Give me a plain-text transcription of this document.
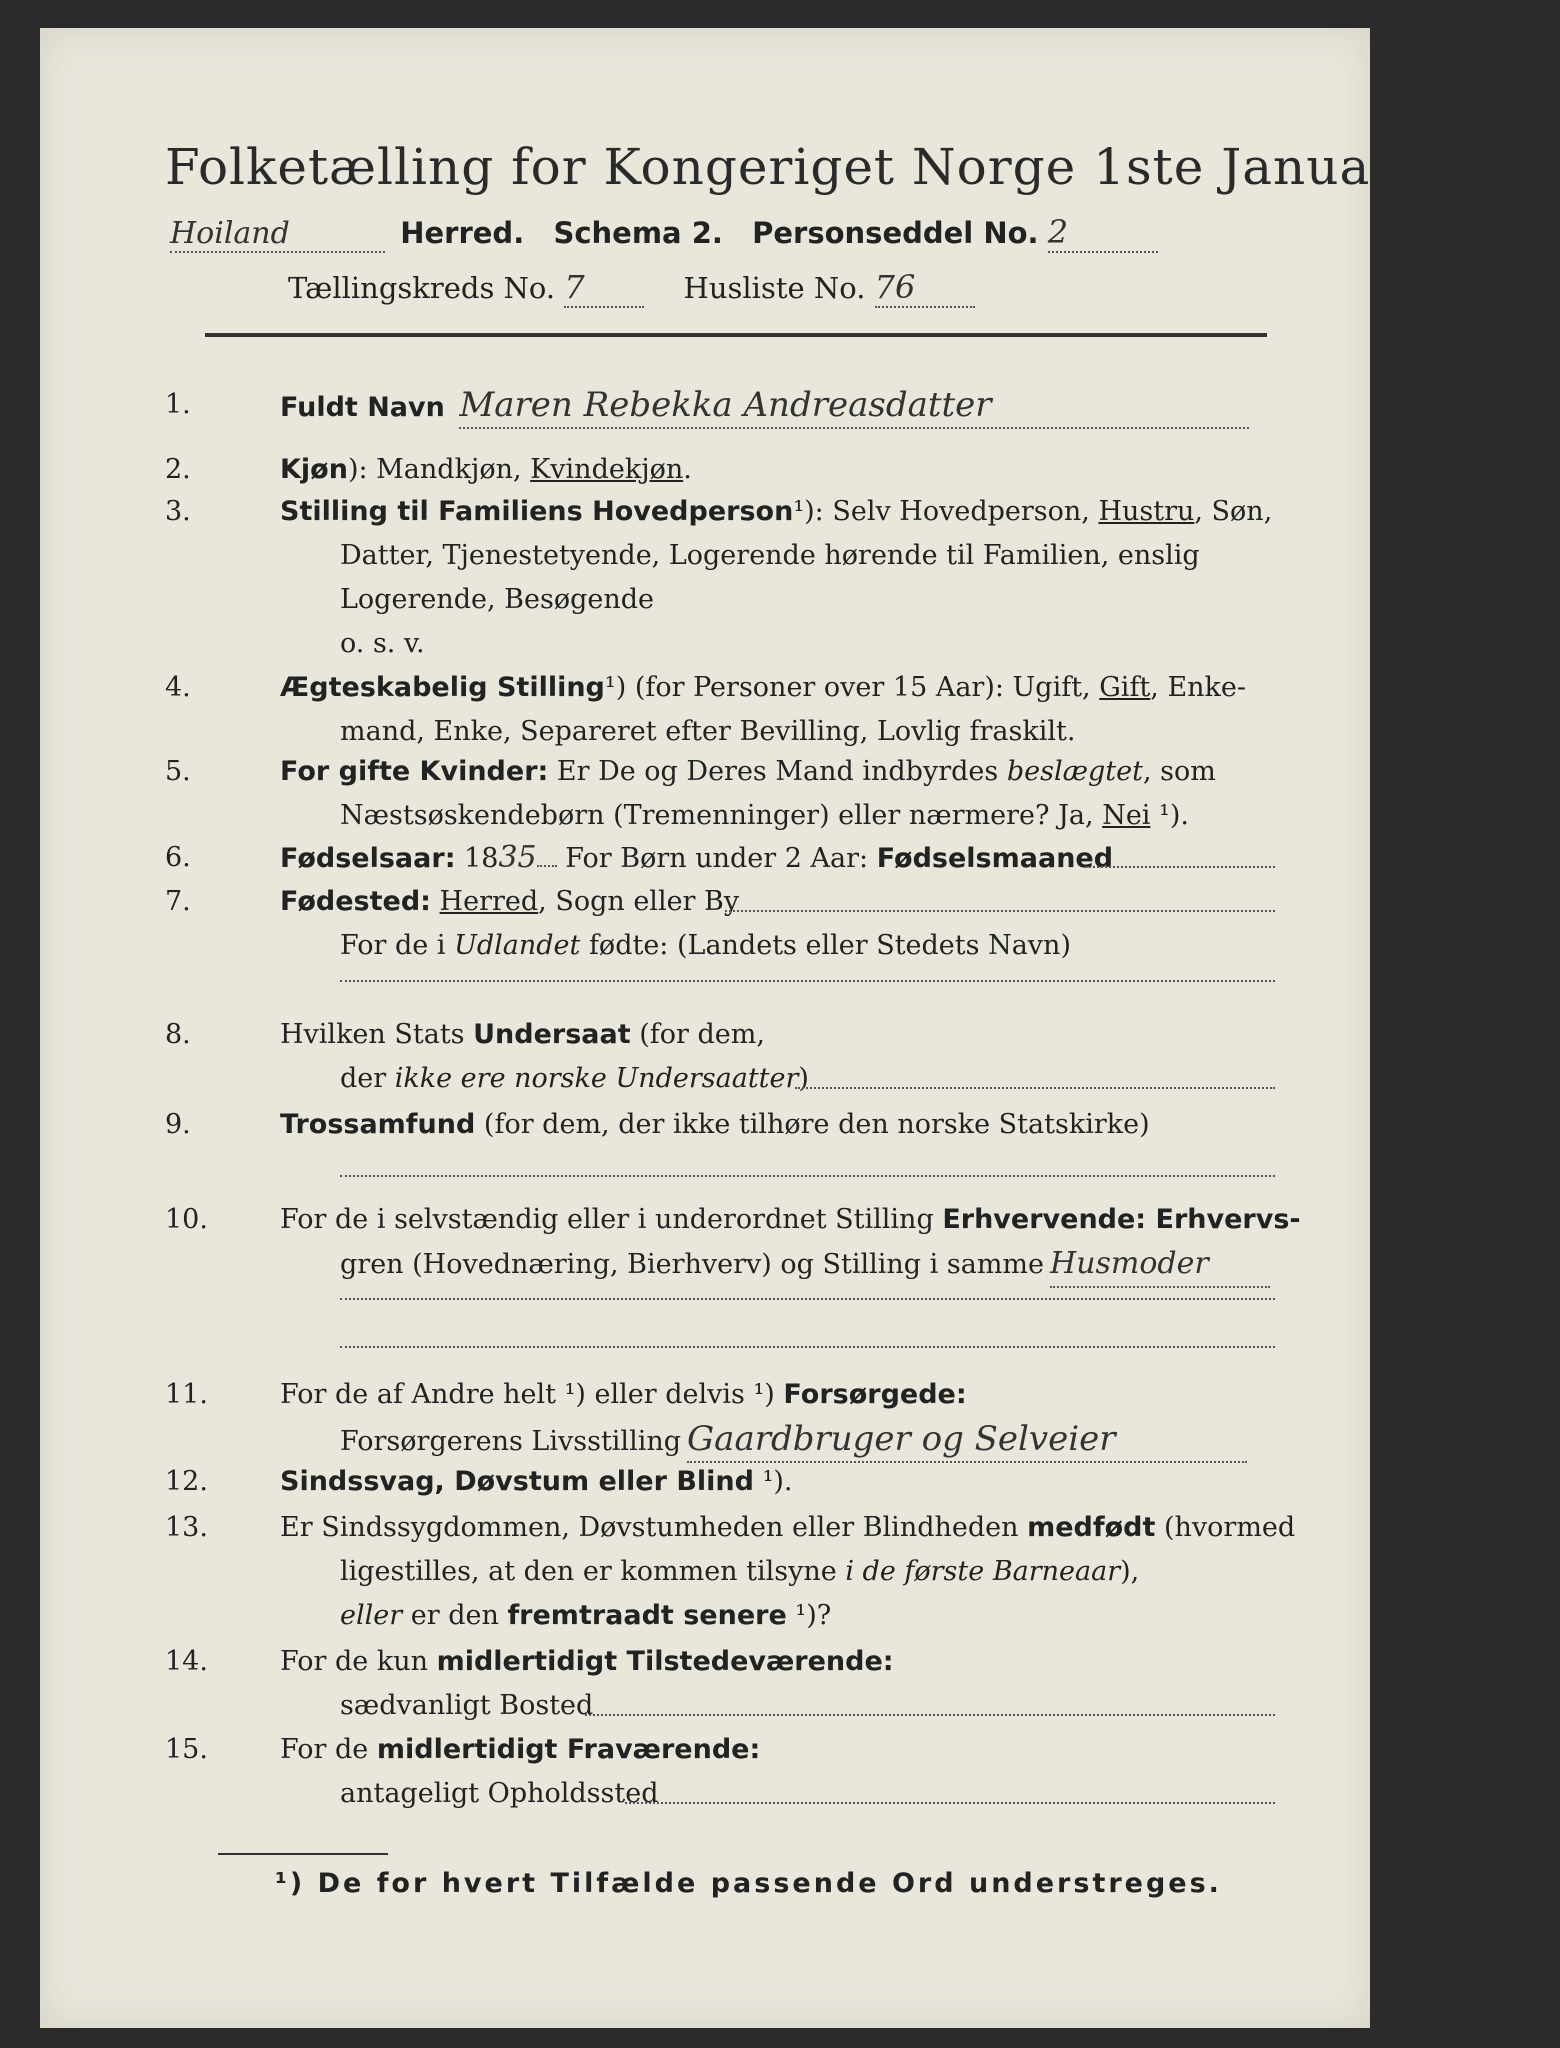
Folketælling for Kongeriget Norge 1ste Januar 1891.
Hoiland	Herred. Schema 2. Personseddel No. 2
Tællingskreds No. 7	Husliste No. 76
1.	Fuldt Navn Maren Rebekka Andreasdatter
2.	Kjøn): Mandkjøn, Kvindekjøn.
3.	Stilling til Familiens Hovedperson¹): Selv Hovedperson, Hustru, Søn,
Datter, Tjenestetyende, Logerende hørende til Familien, enslig
Logerende, Besøgende
o. s. v.
4.	Ægteskabelig Stilling¹) (for Personer over 15 Aar): Ugift, Gift, Enke-
mand, Enke, Separeret efter Bevilling, Lovlig fraskilt.
5.	For gifte Kvinder: Er De og Deres Mand indbyrdes beslægtet, som
Næstsøskendebørn (Tremenninger) eller nærmere? Ja, Nei ¹).
6.	Fødselsaar: 1835 For Børn under 2 Aar: Fødselsmaaned
7.	Fødested: Herred, Sogn eller By
For de i Udlandet fødte: (Landets eller Stedets Navn)
8.	Hvilken Stats Undersaat (for dem,
der ikke ere norske Undersaatter)
9.	Trossamfund (for dem, der ikke tilhøre den norske Statskirke)
10.	For de i selvstændig eller i underordnet Stilling Erhvervende: Erhvervs-
gren (Hovednæring, Bierhverv) og Stilling i samme Husmoder
11.	For de af Andre helt ¹) eller delvis ¹) Forsørgede:
Forsørgerens Livsstilling Gaardbruger og Selveier
12.	Sindssvag, Døvstum eller Blind ¹).
13.	Er Sindssygdommen, Døvstumheden eller Blindheden medfødt (hvormed
ligestilles, at den er kommen tilsyne i de første Barneaar),
eller er den fremtraadt senere ¹)?
14.	For de kun midlertidigt Tilstedeværende:
sædvanligt Bosted
15.	For de midlertidigt Fraværende:
antageligt Opholdssted
¹) De for hvert Tilfælde passende Ord understreges.
